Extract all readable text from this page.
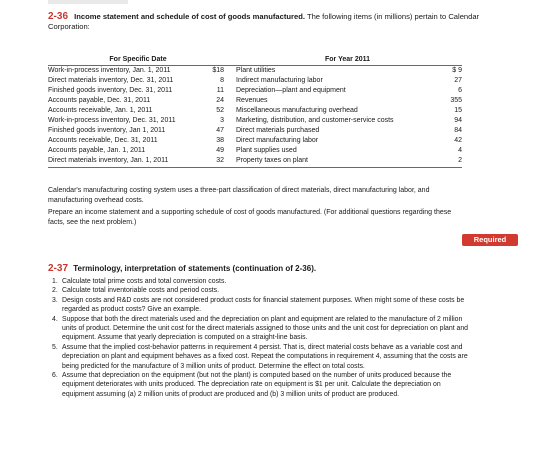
2-36 Income statement and schedule of cost of goods manufactured. The following items (in millions) pertain to Calendar Corporation:
For Specific Date	For Year 2011
Work-in-process inventory, Jan. 1, 2011	$18 Plant utilities	$ 9
Direct materials inventory, Dec. 31, 2011	8 Indirect manufacturing labor	27
Finished goods inventory, Dec. 31, 2011	11 Depreciation—plant and equipment	6
Accounts payable, Dec. 31, 2011	24 Revenues	355
Accounts receivable, Jan. 1, 2011	52 Miscellaneous manufacturing overhead	15
Work-in-process inventory, Dec. 31, 2011	3 Marketing, distribution, and customer-service costs	94
Finished goods inventory, Jan 1, 2011	47 Direct materials purchased	84
Accounts receivable, Dec. 31, 2011	38 Direct manufacturing labor	42
Accounts payable, Jan. 1, 2011	49 Plant supplies used	4
Direct materials inventory, Jan. 1, 2011	32 Property taxes on plant	2
Calendar's manufacturing costing system uses a three-part classification of direct materials, direct manufacturing labor, and manufacturing overhead costs.
Prepare an income statement and a supporting schedule of cost of goods manufactured. (For additional questions regarding these facts, see the next problem.)
Required
2-37 Terminology, interpretation of statements (continuation of 2-36).
1. Calculate total prime costs and total conversion costs.
2. Calculate total inventoriable costs and period costs.
3. Design costs and R&D costs are not considered product costs for financial statement purposes. When might some of these costs be regarded as product costs? Give an example.
4. Suppose that both the direct materials used and the depreciation on plant and equipment are related to the manufacture of 2 million units of product. Determine the unit cost for the direct materials assigned to those units and the unit cost for depreciation on plant and equipment. Assume that yearly depreciation is computed on a straight-line basis.
5. Assume that the implied cost-behavior patterns in requirement 4 persist. That is, direct material costs behave as a variable cost and depreciation on plant and equipment behaves as a fixed cost. Repeat the computations in requirement 4, assuming that the costs are being predicted for the manufacture of 3 million units of product. Determine the effect on total costs.
6. Assume that depreciation on the equipment (but not the plant) is computed based on the number of units produced because the equipment deteriorates with units produced. The depreciation rate on equipment is $1 per unit. Calculate the depreciation on equipment assuming (a) 2 million units of product are produced and (b) 3 million units of product are produced.
